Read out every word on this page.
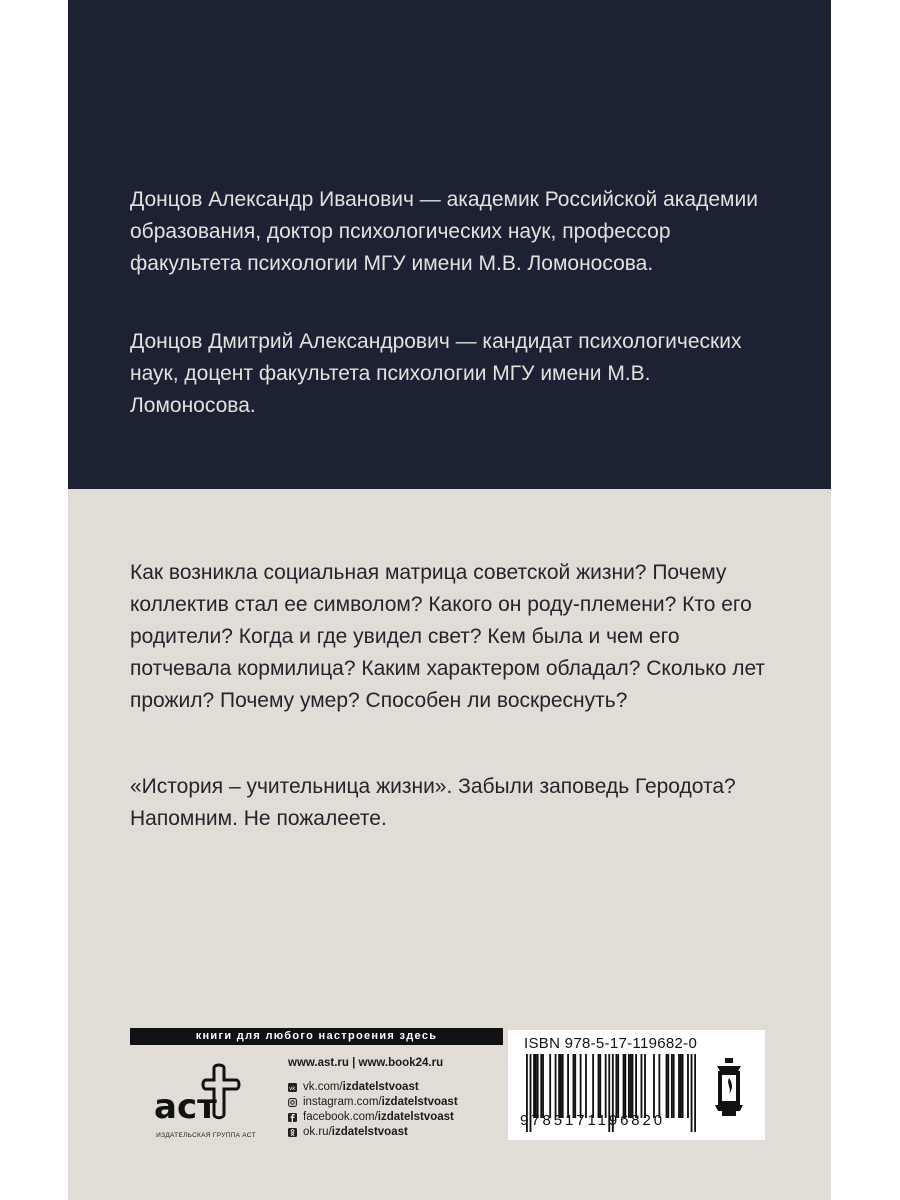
Донцов Александр Иванович — академик Российской академии образования, доктор психологических наук, профессор факультета психологии МГУ имени М.В. Ломоносова.

Донцов Дмитрий Александрович — кандидат психологических наук, доцент факультета психологии МГУ имени М.В. Ломоносова.

Как возникла социальная матрица советской жизни? Почему коллектив стал ее символом? Какого он роду-племени? Кто его родители? Когда и где увидел свет? Кем была и чем его потчевала кормилица? Каким характером обладал? Сколько лет прожил? Почему умер? Способен ли воскреснуть?

«История – учительница жизни». Забыли заповедь Геродота? Напомним. Не пожалеете.

книги для любого настроения здесь
аст
ИЗДАТЕЛЬСКАЯ ГРУППА АСТ
www.ast.ru | www.book24.ru
vk vk.com/ izdatelstvoast
instagram.com/ izdatelstvoast
facebook.com/ izdatelstvoast
ok.ru/ izdatelstvoast
ISBN 978-5-17-119682-0
9785171196820
